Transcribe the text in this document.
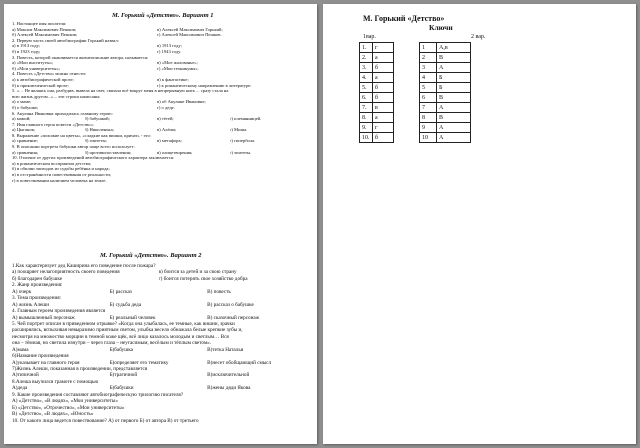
М. Горький «Детство». Вариант 1
1. Настоящее имя писателя:
а) Максим Максимович Пешков;	в) Алексей Максимович Горький;
б) Алексей Максимович Пешков;	г) Алексей Максимович Пешков.
2. Первую часть своей автобиографии Горький назвал:
а) в 1913 году;	в) 1913 году;
б) в 1923 году;	г) 1943 году.
3. Повесть, которой оканчивается жизнеописание автора, называется:
а) «Мои институты»;	в) «Мое жалованье»;
б) «Мои университеты»;	г) «Мои техникумы».
4. Повесть «Детство» можно отнести:
а) к автобиографической прозе;	в) к фантастике;
б) к приключенческой прозе;	г) к романтическому направлению в литературе.
5. «… Не являясь она, разбудив, вывела на свет, связала всё вокруг меня в непрерывную нить ... сразу стала на
всю жизнь другом...» – эти строки написаны:
а) о маме;	в) об Акулине Ивановне;
б) о бабушке;	г) о деде.
6. Акулина Ивановна приходилась главному герою:
а) мамой;	б) бабушкой;	в) тётей;	г) племянницей.
7. Имя главного героя повести «Детство»:
а) Цыганок;	б) Николенька;	в) Алёша;	г) Миша.
8. Выражение «похожие на цветы», «сладкие как вишни, кричат» - это:
а) сравнение;	б) эпитеты;	в) метафора;	г) гипербола.
9. В описании портрета бабушки автор чаще всего использует:
а) сравнения;	б) противопоставления;	в) олицетворения;	г) эпитеты.
10. Отличие от других произведений автобиографического характера заключается:
а) в романтическом восприятии детства;
б) в обилии эпизодов из судьбы ребёнка и народа;
в) в отстранённости повествования от реальности;
г) в повествовании наличием человека на земле.
М. Горький «Детство». Вариант 2
1.Как характеризует дед Каширина его поведение после пожара?
а) поощряет нелагоприятность своего поведения	в) боится за детей и за свою страну
б) благодарен бабушке	г) боится потерять свое хозяйство добра
2. Жанр произведения:
А) очерк	Б) рассказ	В) повесть
3. Тема произведения:
А) жизнь Алеши	Б) судьба деда	В) рассказ о бабушке
4. Главным героем произведения является
А) вымышленный персонаж	Б) реальный человек	В) сказочный персонаж
5. Чей портрет описан в приведенном отрывке? «Когда она улыбалась, ее темные, как вишни, зрачки
расширялись, вспыхивая невыразимо приятным светом, улыбка весело обнажала белые крепкие зубы и,
несмотря на множество морщин в темной коже щёк, всё лицо казалось молодым и светлым… Вся
она – тёмная, но светила изнутри – через глаза – неугасимым, весёлым и тёплым светом».
А)мама	Б)бабушка	В)тетка Наталья
6)Название произведения
А)указывает на главного героя	Б)определяет его тематику	В)несет обобщающий смысл
7)Жизнь Алеши, показанная в произведении, представляется
А)типичной	Б)трагичной	В)исключительной
8.Алеша выучился грамоте с помощью
А)деда	Б)бабушки	В)жены дяди Якова
9. Какие произведения составляют автобиографическую трилогию писателя?
А) «Детство», «В людях», «Мои университеты»
Б) «Детство», «Отрочество», «Мои университеты»
В) «Детство», «В людях», «Юность»
10. От какого лица ведется повествование? А) от первого Б) от автора В) от третьего
М. Горький «Детство»
Ключи
1вар.	2 вар.
1.	г
2.	а
3.	б
4.	а
5.	б
6.	б
7.	в
8.	а
9.	г
10.	б
1	А,в
2	В
3	А
4	Б
5	Б
6	В
7	А
8	В
9	А
10	А
